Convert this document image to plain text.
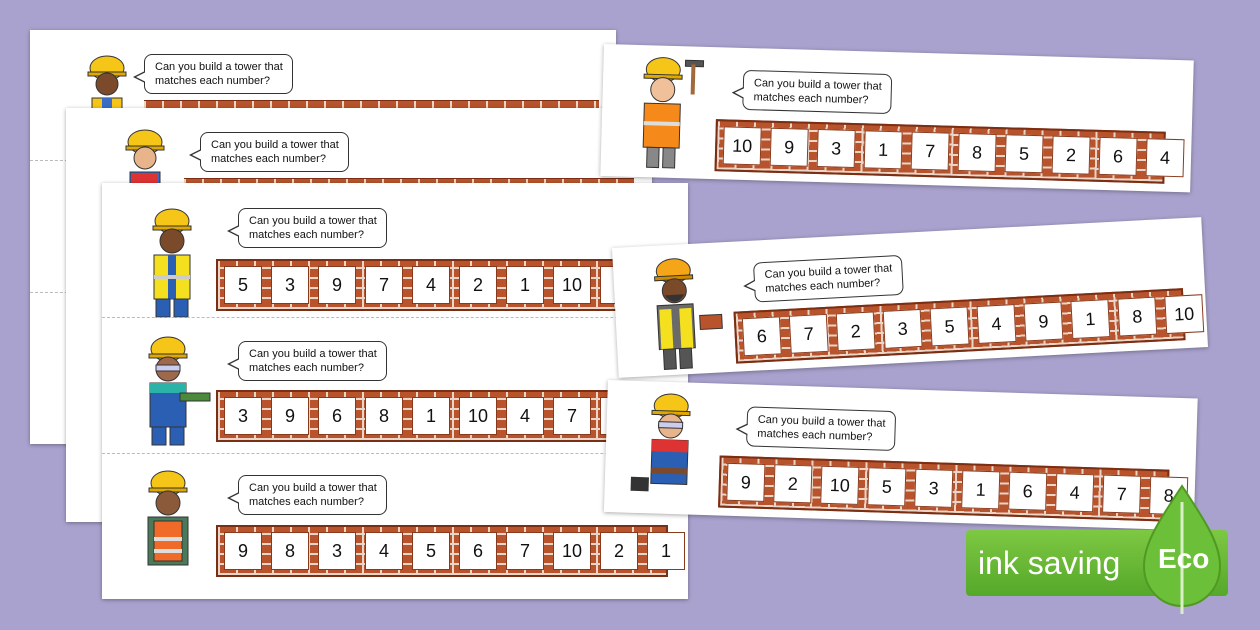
Can you build a tower that
matches each number?
Can you build a tower that
matches each number?
Can you build a tower that
matches each number?
5	3	9	7	4	2	1	10
Can you build a tower that
matches each number?
3	9	6	8	1	10	4	7
Can you build a tower that
matches each number?
9	8	3	4	5	6	7	10	2	1
Can you build a tower that
matches each number?
10	9	3	1	7	8	5	2	6	4
Can you build a tower that
matches each number?
6	7	2	3	5	4	9	1	8	10
Can you build a tower that
matches each number?
9	2	10	5	3	1	6	4	7	8
ink saving Eco
